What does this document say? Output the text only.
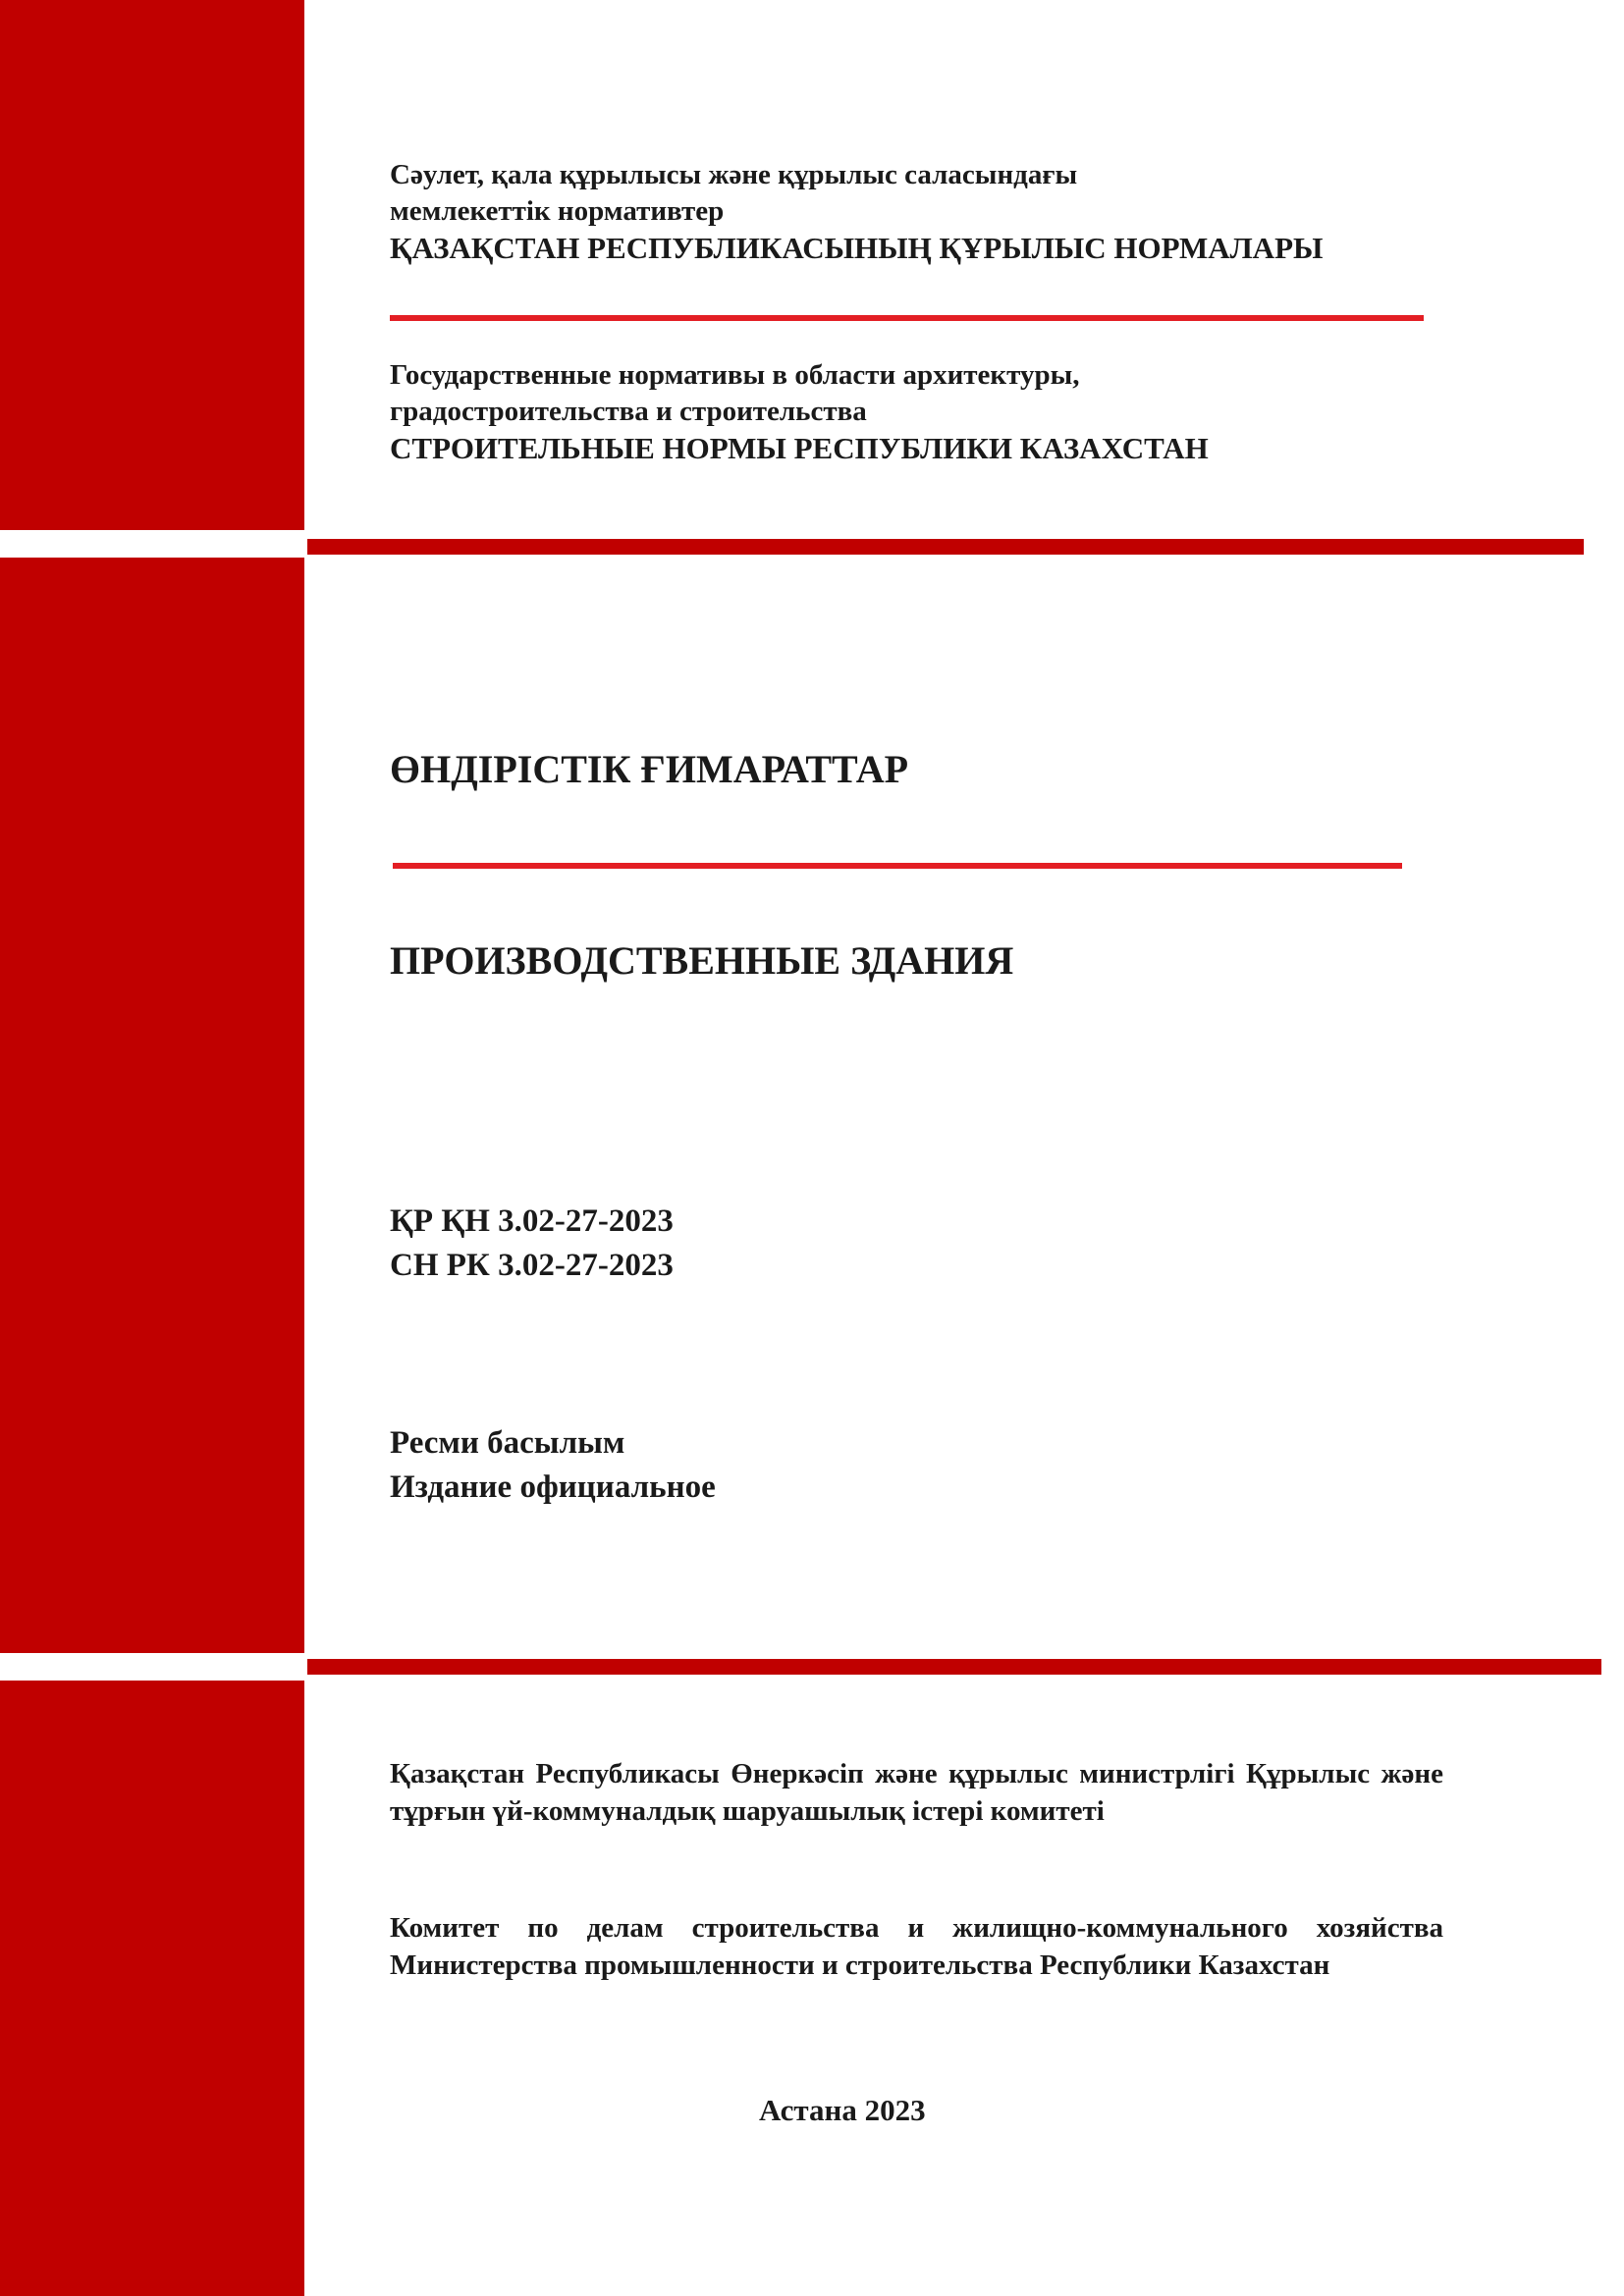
Сәулет, қала құрылысы және құрылыс саласындағы
мемлекеттік нормативтер
ҚАЗАҚСТАН РЕСПУБЛИКАСЫНЫҢ ҚҰРЫЛЫС НОРМАЛАРЫ
Государственные нормативы в области архитектуры,
градостроительства и строительства
СТРОИТЕЛЬНЫЕ НОРМЫ РЕСПУБЛИКИ КАЗАХСТАН
ӨНДІРІСТІК ҒИМАРАТТАР
ПРОИЗВОДСТВЕННЫЕ ЗДАНИЯ
ҚР ҚН 3.02-27-2023
СН РК 3.02-27-2023
Ресми басылым
Издание официальное
Қазақстан Республикасы Өнеркәсіп және құрылыс министрлігі Құрылыс және тұрғын үй-коммуналдық шаруашылық істері комитеті
Комитет по делам строительства и жилищно-коммунального хозяйства Министерства промышленности и строительства Республики Казахстан
Астана 2023
